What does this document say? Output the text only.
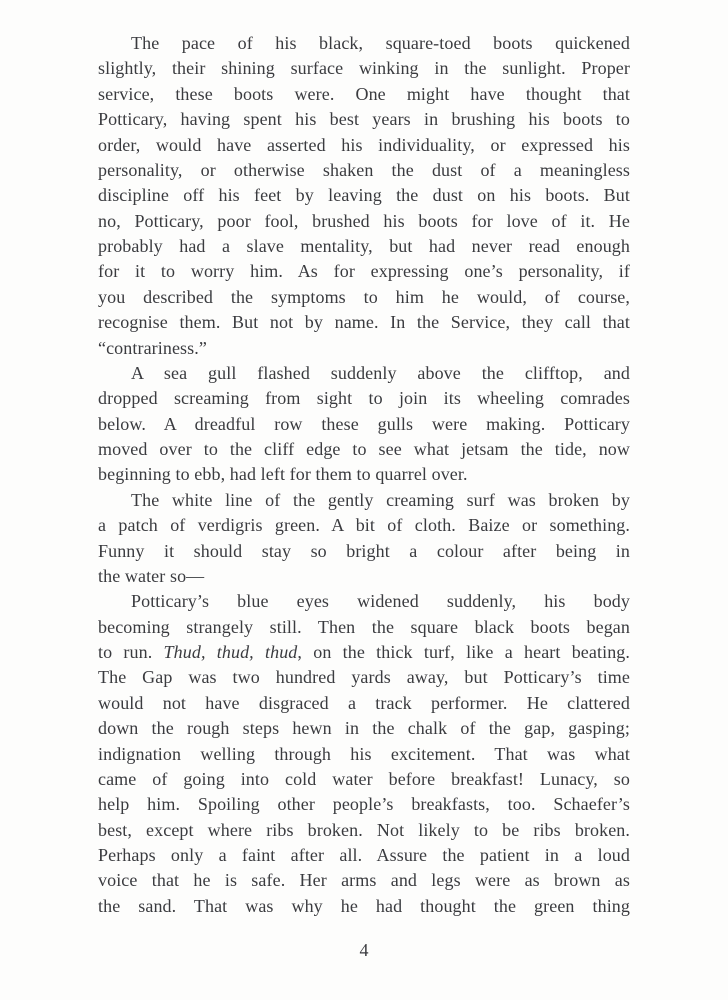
The pace of his black, square-toed boots quickened
slightly, their shining surface winking in the sunlight. Proper
service, these boots were. One might have thought that
Potticary, having spent his best years in brushing his boots to
order, would have asserted his individuality, or expressed his
personality, or otherwise shaken the dust of a meaningless
discipline off his feet by leaving the dust on his boots. But
no, Potticary, poor fool, brushed his boots for love of it. He
probably had a slave mentality, but had never read enough
for it to worry him. As for expressing one’s personality, if
you described the symptoms to him he would, of course,
recognise them. But not by name. In the Service, they call that
“contrariness.”
A sea gull flashed suddenly above the clifftop, and
dropped screaming from sight to join its wheeling comrades
below. A dreadful row these gulls were making. Potticary
moved over to the cliff edge to see what jetsam the tide, now
beginning to ebb, had left for them to quarrel over.
The white line of the gently creaming surf was broken by
a patch of verdigris green. A bit of cloth. Baize or something.
Funny it should stay so bright a colour after being in
the water so—
Potticary’s blue eyes widened suddenly, his body
becoming strangely still. Then the square black boots began
to run. Thud, thud, thud, on the thick turf, like a heart beating.
The Gap was two hundred yards away, but Potticary’s time
would not have disgraced a track performer. He clattered
down the rough steps hewn in the chalk of the gap, gasping;
indignation welling through his excitement. That was what
came of going into cold water before breakfast! Lunacy, so
help him. Spoiling other people’s breakfasts, too. Schaefer’s
best, except where ribs broken. Not likely to be ribs broken.
Perhaps only a faint after all. Assure the patient in a loud
voice that he is safe. Her arms and legs were as brown as
the sand. That was why he had thought the green thing
4
